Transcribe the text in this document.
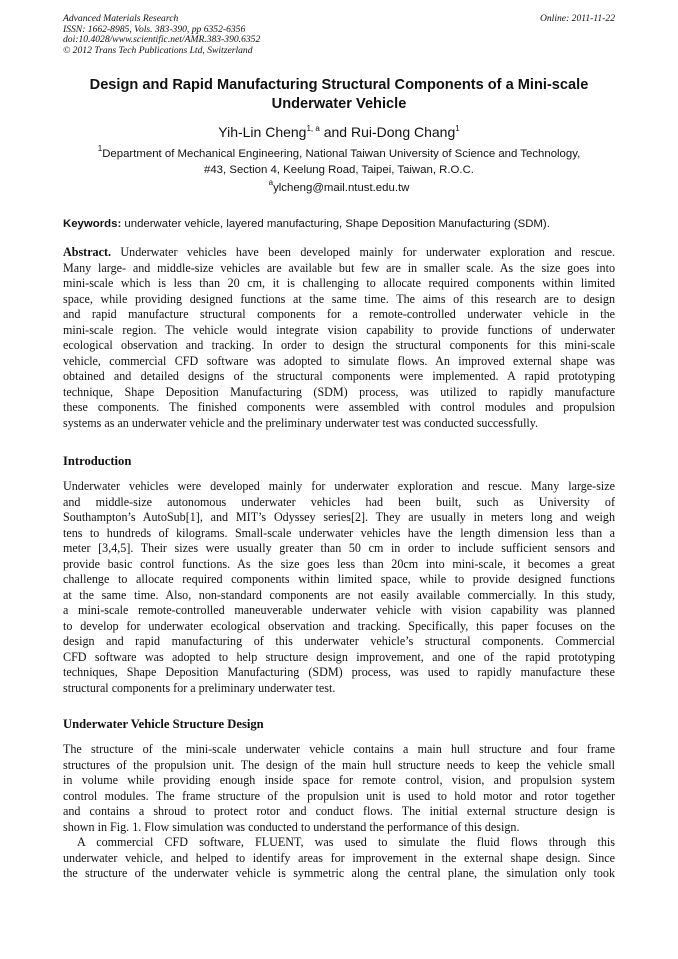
Advanced Materials Research
ISSN: 1662-8985, Vols. 383-390, pp 6352-6356
doi:10.4028/www.scientific.net/AMR.383-390.6352
© 2012 Trans Tech Publications Ltd, Switzerland
Online: 2011-11-22
Design and Rapid Manufacturing Structural Components of a Mini-scale
Underwater Vehicle
Yih-Lin Cheng$^{1, a}$ and Rui-Dong Chang$^1$
$^1$Department of Mechanical Engineering, National Taiwan University of Science and Technology,
#43, Section 4, Keelung Road, Taipei, Taiwan, R.O.C.
$^a$ylcheng@mail.ntust.edu.tw
Keywords: underwater vehicle, layered manufacturing, Shape Deposition Manufacturing (SDM).
Abstract. Underwater vehicles have been developed mainly for underwater exploration and rescue.
Many large- and middle-size vehicles are available but few are in smaller scale. As the size goes into
mini-scale which is less than 20 cm, it is challenging to allocate required components within limited
space, while providing designed functions at the same time. The aims of this research are to design
and rapid manufacture structural components for a remote-controlled underwater vehicle in the
mini-scale region. The vehicle would integrate vision capability to provide functions of underwater
ecological observation and tracking. In order to design the structural components for this mini-scale
vehicle, commercial CFD software was adopted to simulate flows. An improved external shape was
obtained and detailed designs of the structural components were implemented. A rapid prototyping
technique, Shape Deposition Manufacturing (SDM) process, was utilized to rapidly manufacture
these components. The finished components were assembled with control modules and propulsion
systems as an underwater vehicle and the preliminary underwater test was conducted successfully.
Introduction
Underwater vehicles were developed mainly for underwater exploration and rescue. Many large-size
and middle-size autonomous underwater vehicles had been built, such as University of
Southampton’s AutoSub[1], and MIT’s Odyssey series[2]. They are usually in meters long and weigh
tens to hundreds of kilograms. Small-scale underwater vehicles have the length dimension less than a
meter [3,4,5]. Their sizes were usually greater than 50 cm in order to include sufficient sensors and
provide basic control functions. As the size goes less than 20cm into mini-scale, it becomes a great
challenge to allocate required components within limited space, while to provide designed functions
at the same time. Also, non-standard components are not easily available commercially. In this study,
a mini-scale remote-controlled maneuverable underwater vehicle with vision capability was planned
to develop for underwater ecological observation and tracking. Specifically, this paper focuses on the
design and rapid manufacturing of this underwater vehicle’s structural components. Commercial
CFD software was adopted to help structure design improvement, and one of the rapid prototyping
techniques, Shape Deposition Manufacturing (SDM) process, was used to rapidly manufacture these
structural components for a preliminary underwater test.
Underwater Vehicle Structure Design
The structure of the mini-scale underwater vehicle contains a main hull structure and four frame
structures of the propulsion unit. The design of the main hull structure needs to keep the vehicle small
in volume while providing enough inside space for remote control, vision, and propulsion system
control modules. The frame structure of the propulsion unit is used to hold motor and rotor together
and contains a shroud to protect rotor and conduct flows. The initial external structure design is
shown in Fig. 1. Flow simulation was conducted to understand the performance of this design.
A commercial CFD software, FLUENT, was used to simulate the fluid flows through this
underwater vehicle, and helped to identify areas for improvement in the external shape design. Since
the structure of the underwater vehicle is symmetric along the central plane, the simulation only took
